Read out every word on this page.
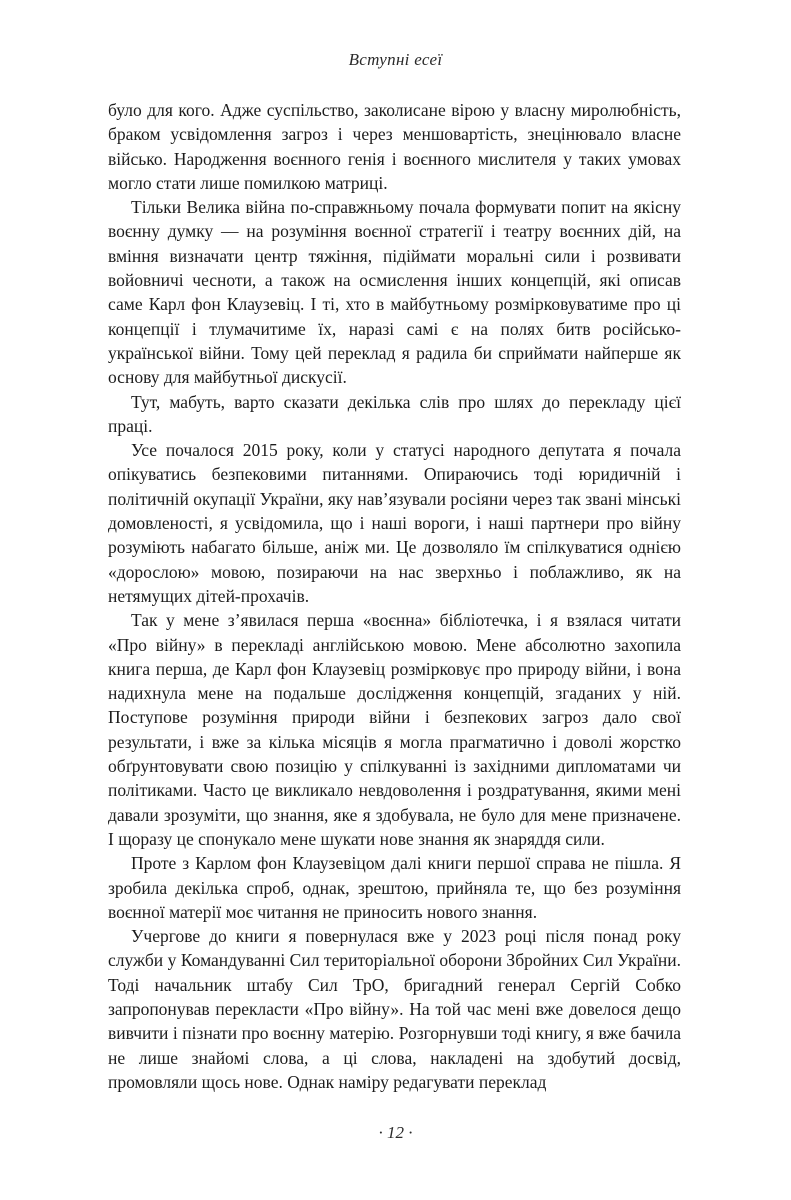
Вступні есеї

було для кого. Адже суспільство, заколисане вірою у власну миролюбність, браком усвідомлення загроз і через меншовартість, знецінювало власне військо. Народження воєнного генія і воєнного мислителя у таких умовах могло стати лише помилкою матриці.

Тільки Велика війна по-справжньому почала формувати попит на якісну воєнну думку — на розуміння воєнної стратегії і театру воєнних дій, на вміння визначати центр тяжіння, підіймати моральні сили і розвивати войовничі чесноти, а також на осмислення інших концепцій, які описав саме Карл фон Клаузевіц. І ті, хто в майбутньому розмірковуватиме про ці концепції і тлумачитиме їх, наразі самі є на полях битв російсько-української війни. Тому цей переклад я радила би сприймати найперше як основу для майбутньої дискусії.

Тут, мабуть, варто сказати декілька слів про шлях до перекладу цієї праці.

Усе почалося 2015 року, коли у статусі народного депутата я почала опікуватись безпековими питаннями. Опираючись тоді юридичній і політичній окупації України, яку нав’язували росіяни через так звані мінські домовленості, я усвідомила, що і наші вороги, і наші партнери про війну розуміють набагато більше, аніж ми. Це дозволяло їм спілкуватися однією «дорослою» мовою, позираючи на нас зверхньо і поблажливо, як на нетямущих дітей-прохачів.

Так у мене з’явилася перша «воєнна» бібліотечка, і я взялася читати «Про війну» в перекладі англійською мовою. Мене абсолютно захопила книга перша, де Карл фон Клаузевіц розмірковує про природу війни, і вона надихнула мене на подальше дослідження концепцій, згаданих у ній. Поступове розуміння природи війни і безпекових загроз дало свої результати, і вже за кілька місяців я могла прагматично і доволі жорстко обґрунтовувати свою позицію у спілкуванні із західними дипломатами чи політиками. Часто це викликало невдоволення і роздратування, якими мені давали зрозуміти, що знання, яке я здобувала, не було для мене призначене. І щоразу це спонукало мене шукати нове знання як знаряддя сили.

Проте з Карлом фон Клаузевіцом далі книги першої справа не пішла. Я зробила декілька спроб, однак, зрештою, прийняла те, що без розуміння воєнної матерії моє читання не приносить нового знання.

Учергове до книги я повернулася вже у 2023 році після понад року служби у Командуванні Сил територіальної оборони Збройних Сил України. Тоді начальник штабу Сил ТрО, бригадний генерал Сергій Собко запропонував перекласти «Про війну». На той час мені вже довелося дещо вивчити і пізнати про воєнну матерію. Розгорнувши тоді книгу, я вже бачила не лише знайомі слова, а ці слова, накладені на здобутий досвід, промовляли щось нове. Однак наміру редагувати переклад

· 12 ·
